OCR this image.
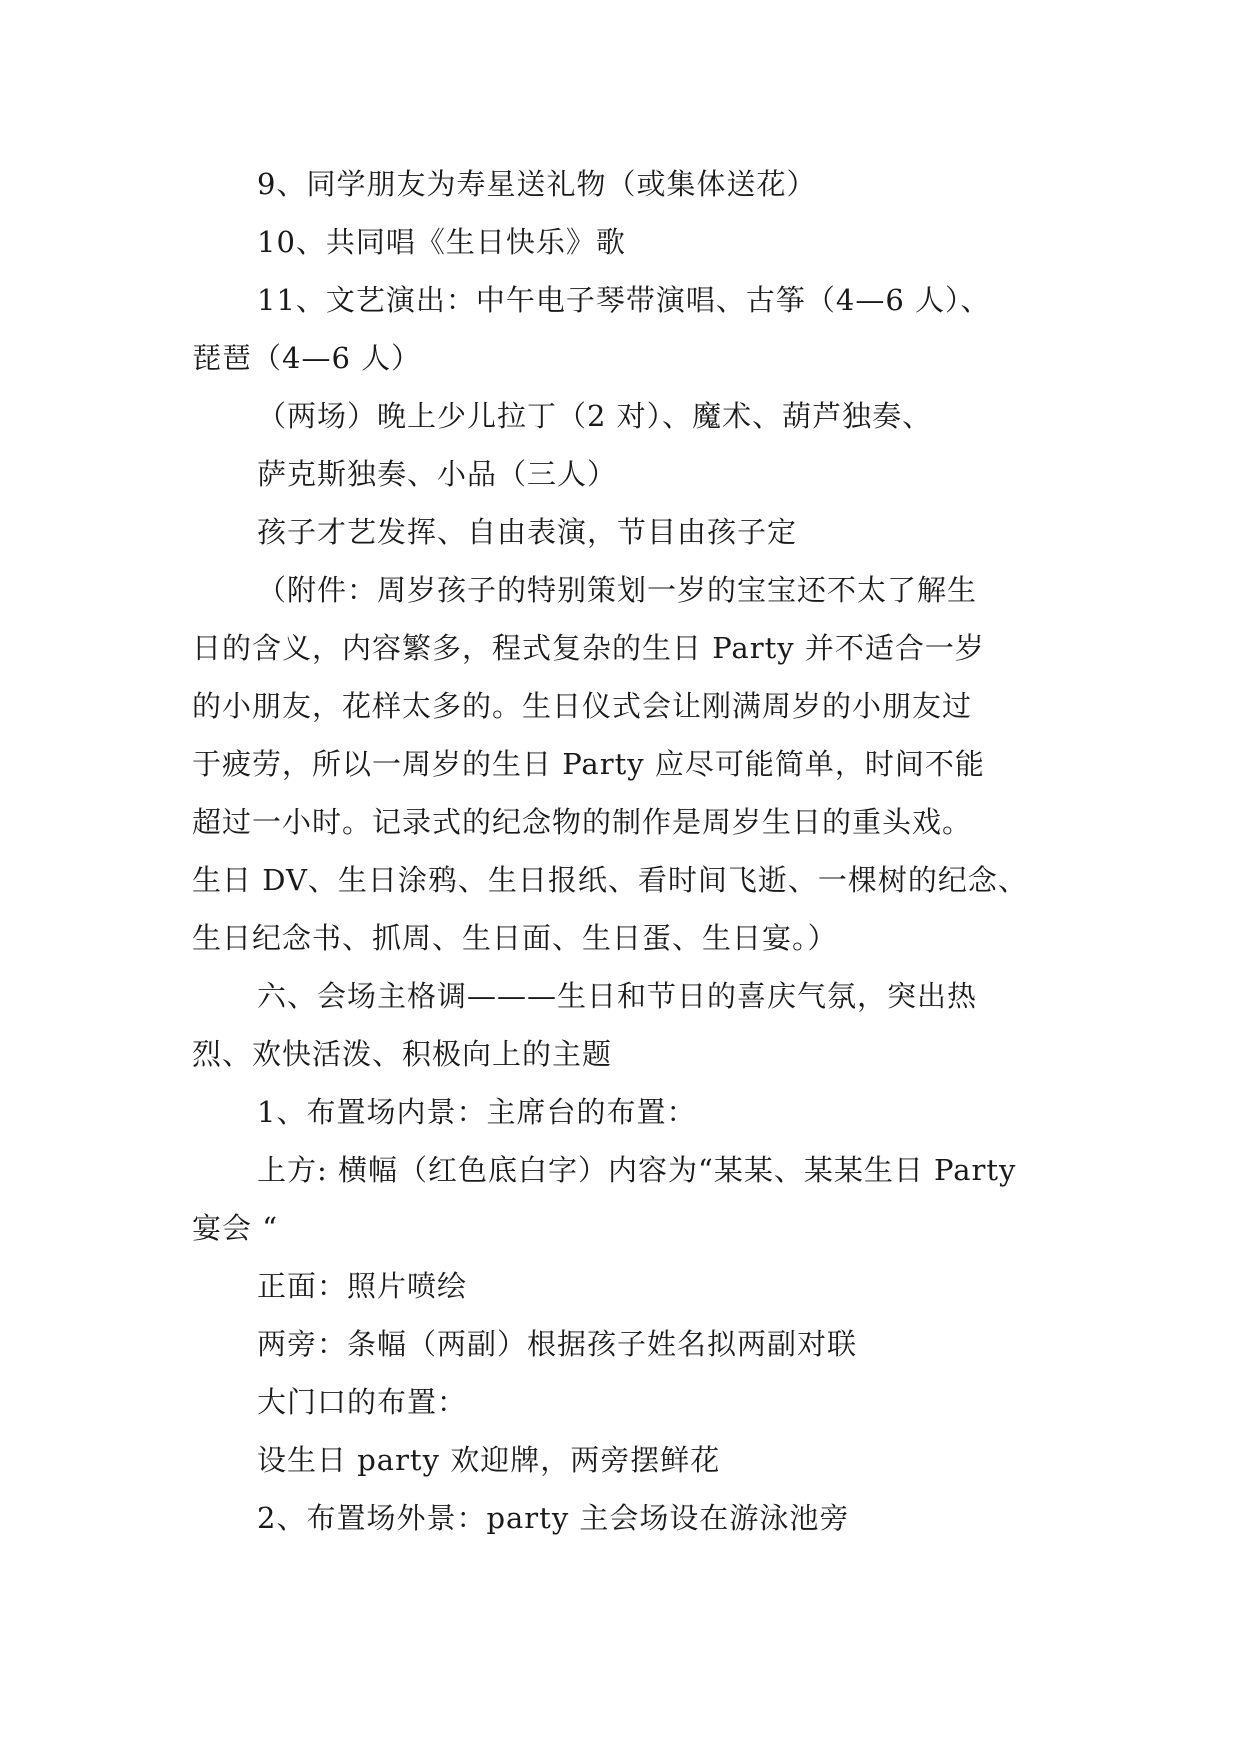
9、同学朋友为寿星送礼物（或集体送花）
10、共同唱《生日快乐》歌
11、文艺演出：中午电子琴带演唱、古筝（4—6 人）、
琵琶（4—6 人）
（两场）晚上少儿拉丁（2 对）、魔术、葫芦独奏、
萨克斯独奏、小品（三人）
孩子才艺发挥、自由表演，节目由孩子定
（附件：周岁孩子的特别策划一岁的宝宝还不太了解生
日的含义，内容繁多，程式复杂的生日 Party 并不适合一岁
的小朋友，花样太多的。生日仪式会让刚满周岁的小朋友过
于疲劳，所以一周岁的生日 Party 应尽可能简单，时间不能
超过一小时。记录式的纪念物的制作是周岁生日的重头戏。
生日 DV、生日涂鸦、生日报纸、看时间飞逝、一棵树的纪念、
生日纪念书、抓周、生日面、生日蛋、生日宴。）
六、会场主格调———生日和节日的喜庆气氛，突出热
烈、欢快活泼、积极向上的主题
1、布置场内景：主席台的布置：
上方: 横幅（红色底白字）内容为“某某、某某生日 Party
宴会 “
正面：照片喷绘
两旁：条幅（两副）根据孩子姓名拟两副对联
大门口的布置：
设生日 party 欢迎牌，两旁摆鲜花
2、布置场外景：party 主会场设在游泳池旁
